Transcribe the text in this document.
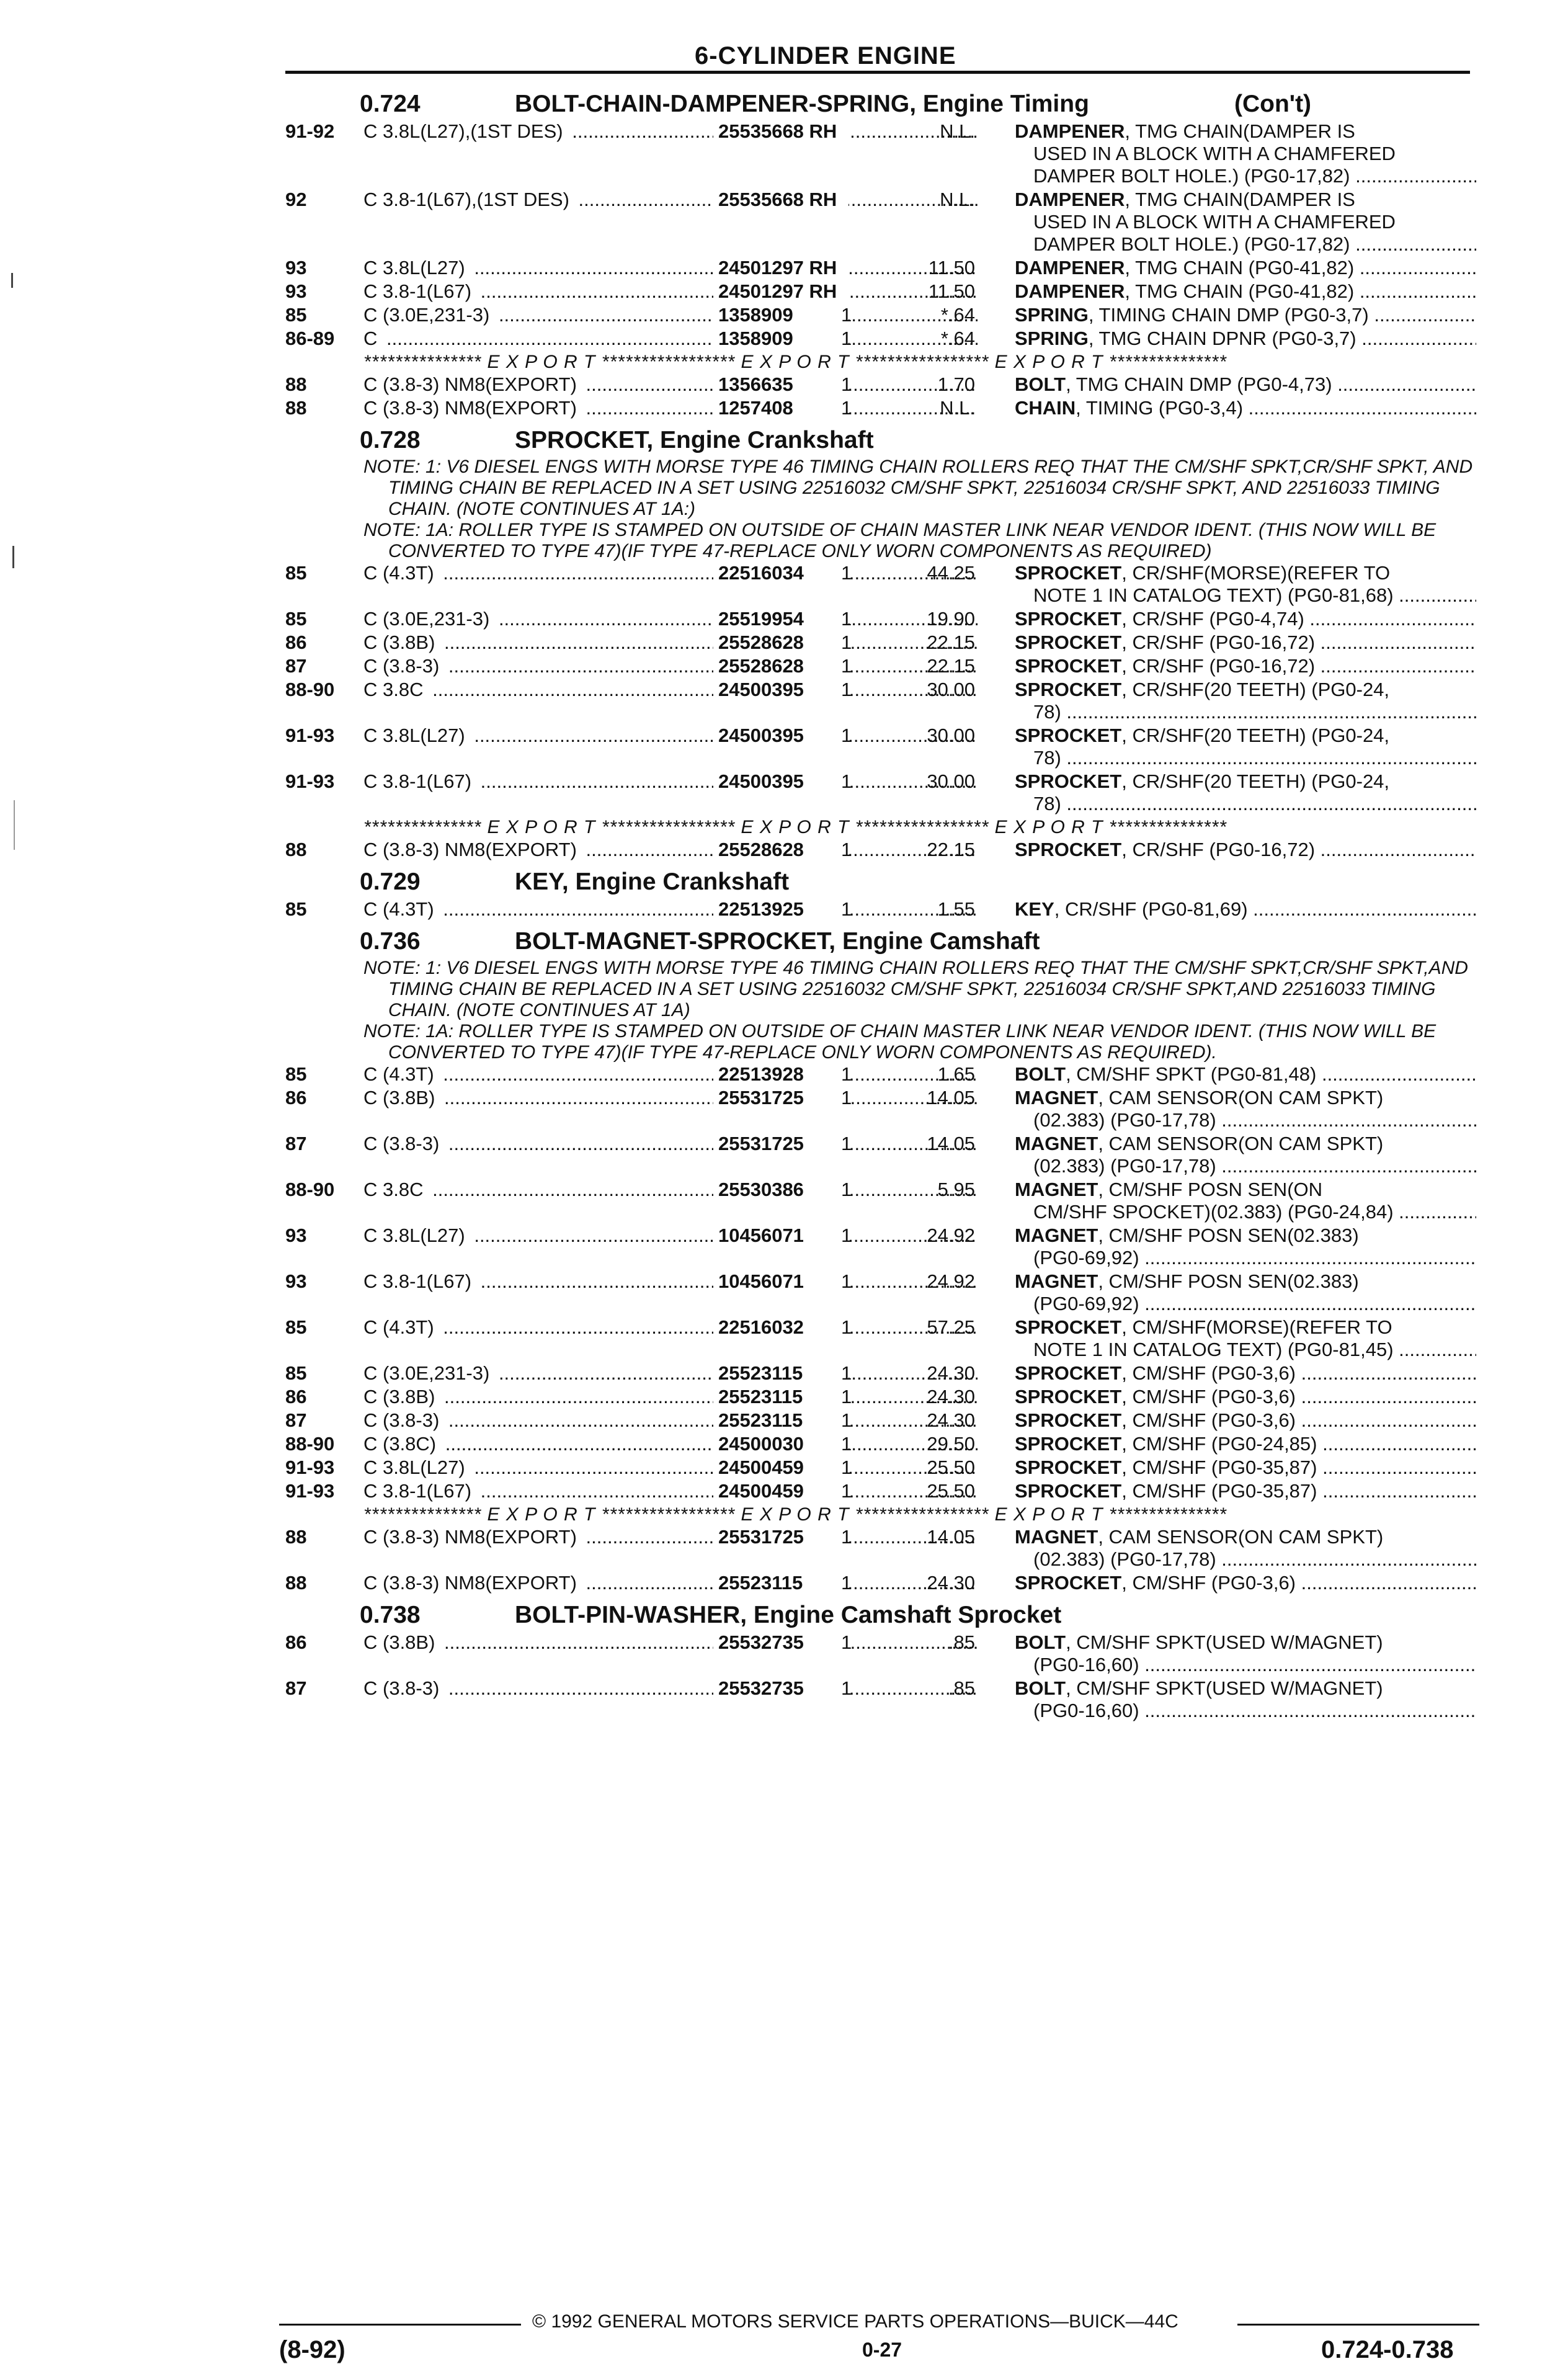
6-CYLINDER ENGINE
0.724	BOLT-CHAIN-DAMPENER-SPRING, Engine Timing	(Con't)
91-92 C 3.8L(L27),(1ST DES) .....	25535668 RH	N.L. DAMPENER, TMG CHAIN(DAMPER IS
USED IN A BLOCK WITH A CHAMFERED
DAMPER BOLT HOLE.) (PG0-17,82) .....
92	C 3.8-1(L67),(1ST DES) .....	25535668 RH	N.L. DAMPENER, TMG CHAIN(DAMPER IS
USED IN A BLOCK WITH A CHAMFERED
DAMPER BOLT HOLE.) (PG0-17,82) .....
93	C 3.8L(L27) .....	24501297 RH	11.50 DAMPENER, TMG CHAIN (PG0-41,82) .....
93	C 3.8-1(L67) .....	24501297 RH	11.50 DAMPENER, TMG CHAIN (PG0-41,82) .....
85	C (3.0E,231-3) .....	1358909	1	*.64 SPRING, TIMING CHAIN DMP (PG0-3,7) .....
86-89 C .....	1358909	1	*.64 SPRING, TMG CHAIN DPNR (PG0-3,7) .....
*************** E X P O R T ***************** E X P O R T ***************** E X P O R T ***************
88	C (3.8-3) NM8(EXPORT) .....	1356635	1	1.70 BOLT, TMG CHAIN DMP (PG0-4,73) .....
88	C (3.8-3) NM8(EXPORT) .....	1257408	1	N.L. CHAIN, TIMING (PG0-3,4) .....
0.728	SPROCKET, Engine Crankshaft
NOTE: 1: V6 DIESEL ENGS WITH MORSE TYPE 46 TIMING CHAIN ROLLERS REQ THAT THE CM/SHF SPKT,CR/SHF SPKT, AND TIMING CHAIN BE REPLACED IN A SET USING 22516032 CM/SHF SPKT, 22516034 CR/SHF SPKT, AND 22516033 TIMING CHAIN. (NOTE CONTINUES AT 1A:)
NOTE: 1A: ROLLER TYPE IS STAMPED ON OUTSIDE OF CHAIN MASTER LINK NEAR VENDOR IDENT. (THIS NOW WILL BE CONVERTED TO TYPE 47)(IF TYPE 47-REPLACE ONLY WORN COMPONENTS AS REQUIRED)
85	C (4.3T) .....	22516034	1	44.25 SPROCKET, CR/SHF(MORSE)(REFER TO
NOTE 1 IN CATALOG TEXT) (PG0-81,68) .....
85	C (3.0E,231-3) .....	25519954	1	19.90 SPROCKET, CR/SHF (PG0-4,74) .....
86	C (3.8B) .....	25528628	1	22.15 SPROCKET, CR/SHF (PG0-16,72) .....
87	C (3.8-3) .....	25528628	1	22.15 SPROCKET, CR/SHF (PG0-16,72) .....
88-90 C 3.8C .....	24500395	1	30.00 SPROCKET, CR/SHF(20 TEETH) (PG0-24,
78) .....
91-93 C 3.8L(L27) .....	24500395	1	30.00 SPROCKET, CR/SHF(20 TEETH) (PG0-24,
78) .....
91-93 C 3.8-1(L67) .....	24500395	1	30.00 SPROCKET, CR/SHF(20 TEETH) (PG0-24,
78) .....
*************** E X P O R T ***************** E X P O R T ***************** E X P O R T ***************
88	C (3.8-3) NM8(EXPORT) .....	25528628	1	22.15 SPROCKET, CR/SHF (PG0-16,72) .....
0.729	KEY, Engine Crankshaft
85	C (4.3T) .....	22513925	1	1.55 KEY, CR/SHF (PG0-81,69) .....
0.736	BOLT-MAGNET-SPROCKET, Engine Camshaft
NOTE: 1: V6 DIESEL ENGS WITH MORSE TYPE 46 TIMING CHAIN ROLLERS REQ THAT THE CM/SHF SPKT,CR/SHF SPKT,AND TIMING CHAIN BE REPLACED IN A SET USING 22516032 CM/SHF SPKT, 22516034 CR/SHF SPKT,AND 22516033 TIMING CHAIN. (NOTE CONTINUES AT 1A)
NOTE: 1A: ROLLER TYPE IS STAMPED ON OUTSIDE OF CHAIN MASTER LINK NEAR VENDOR IDENT. (THIS NOW WILL BE CONVERTED TO TYPE 47)(IF TYPE 47-REPLACE ONLY WORN COMPONENTS AS REQUIRED).
85	C (4.3T) .....	22513928	1	1.65 BOLT, CM/SHF SPKT (PG0-81,48) .....
86	C (3.8B) .....	25531725	1	14.05 MAGNET, CAM SENSOR(ON CAM SPKT)
(02.383) (PG0-17,78) .....
87	C (3.8-3) .....	25531725	1	14.05 MAGNET, CAM SENSOR(ON CAM SPKT)
(02.383) (PG0-17,78) .....
88-90 C 3.8C .....	25530386	1	5.95 MAGNET, CM/SHF POSN SEN(ON
CM/SHF SPOCKET)(02.383) (PG0-24,84) .....
93	C 3.8L(L27) .....	10456071	1	24.92 MAGNET, CM/SHF POSN SEN(02.383)
(PG0-69,92) .....
93	C 3.8-1(L67) .....	10456071	1	24.92 MAGNET, CM/SHF POSN SEN(02.383)
(PG0-69,92) .....
85	C (4.3T) .....	22516032	1	57.25 SPROCKET, CM/SHF(MORSE)(REFER TO
NOTE 1 IN CATALOG TEXT) (PG0-81,45) .....
85	C (3.0E,231-3) .....	25523115	1	24.30 SPROCKET, CM/SHF (PG0-3,6) .....
86	C (3.8B) .....	25523115	1	24.30 SPROCKET, CM/SHF (PG0-3,6) .....
87	C (3.8-3) .....	25523115	1	24.30 SPROCKET, CM/SHF (PG0-3,6) .....
88-90 C (3.8C) .....	24500030	1	29.50 SPROCKET, CM/SHF (PG0-24,85) .....
91-93 C 3.8L(L27) .....	24500459	1	25.50 SPROCKET, CM/SHF (PG0-35,87) .....
91-93 C 3.8-1(L67) .....	24500459	1	25.50 SPROCKET, CM/SHF (PG0-35,87) .....
*************** E X P O R T ***************** E X P O R T ***************** E X P O R T ***************
88	C (3.8-3) NM8(EXPORT) .....	25531725	1	14.05 MAGNET, CAM SENSOR(ON CAM SPKT)
(02.383) (PG0-17,78) .....
88	C (3.8-3) NM8(EXPORT) .....	25523115	1	24.30 SPROCKET, CM/SHF (PG0-3,6) .....
0.738	BOLT-PIN-WASHER, Engine Camshaft Sprocket
86	C (3.8B) .....	25532735	1	.85 BOLT, CM/SHF SPKT(USED W/MAGNET)
(PG0-16,60) .....
87	C (3.8-3) .....	25532735	1	.85 BOLT, CM/SHF SPKT(USED W/MAGNET)
(PG0-16,60) .....
© 1992 GENERAL MOTORS SERVICE PARTS OPERATIONS—BUICK—44C
(8-92)	0-27	0.724-0.738
